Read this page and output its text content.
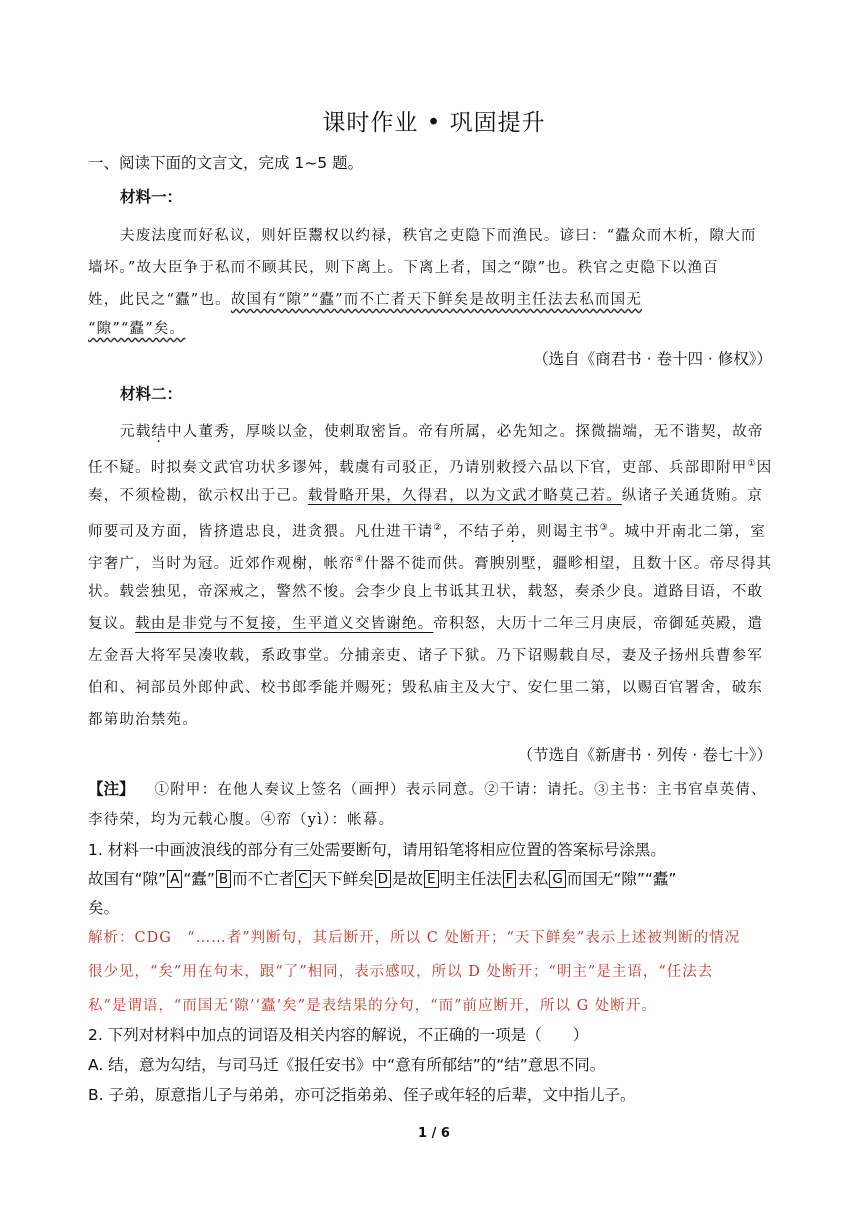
课时作业 • 巩固提升
一、阅读下面的文言文，完成 1~5 题。
材料一：
夫废法度而好私议，则奸臣鬻权以约禄，秩官之吏隐下而渔民。谚曰：“蠹众而木析，隙大而
墙坏。”故大臣争于私而不顾其民，则下离上。下离上者，国之“隙”也。秩官之吏隐下以渔百
姓，此民之“蠹”也。故国有“隙”“蠹”而不亡者天下鲜矣是故明主任法去私而国无
“隙”“蠹”矣。
（选自《商君书 · 卷十四 · 修权》）
材料二：
元载结中人董秀，厚啖以金，使刺取密旨。帝有所属，必先知之。探微揣端，无不谐契，故帝
任不疑。时拟奏文武官功状多谬舛，载虞有司驳正，乃请别敕授六品以下官，吏部、兵部即附甲①因
奏，不须检勘，欲示权出于己。载骨略开果，久得君，以为文武才略莫己若。纵诸子关通货贿。京
师要司及方面，皆挤遣忠良，进贪猥。凡仕进干请②，不结子弟，则谒主书③。城中开南北二第，室
宇奢广，当时为冠。近郊作观榭，帐帟④什器不徙而供。膏腴别墅，疆畛相望，且数十区。帝尽得其
状。载尝独见，帝深戒之，警然不悛。会李少良上书诋其丑状，载怒，奏杀少良。道路目语，不敢
复议。载由是非党与不复接，生平道义交皆谢绝。帝积怒，大历十二年三月庚辰，帝御延英殿，遣
左金吾大将军吴凑收载，系政事堂。分捕亲吏、诸子下狱。乃下诏赐载自尽，妻及子扬州兵曹参军
伯和、祠部员外郎仲武、校书郎季能并赐死；毁私庙主及大宁、安仁里二第，以赐百官署舍，破东
都第助治禁苑。
（节选自《新唐书 · 列传 · 卷七十》）
【注】 ①附甲：在他人奏议上签名（画押）表示同意。②干请：请托。③主书：主书官卓英倩、
李待荣，均为元载心腹。④帟（yì）：帐幕。
1. 材料一中画波浪线的部分有三处需要断句，请用铅笔将相应位置的答案标号涂黑。
故国有“隙” A “蠹” B 而不亡者 C 天下鲜矣 D 是故 E 明主任法 F 去私 G 而国无“隙”“蠹”
矣。
解析：CDG　“……者”判断句，其后断开，所以 C 处断开；“天下鲜矣”表示上述被判断的情况
很少见，“矣”用在句末，跟“了”相同，表示感叹，所以 D 处断开；“明主”是主语，“任法去
私”是谓语，“而国无‘隙’‘蠹’矣”是表结果的分句，“而”前应断开，所以 G 处断开。
2. 下列对材料中加点的词语及相关内容的解说，不正确的一项是（　　）
A. 结，意为勾结，与司马迁《报任安书》中“意有所郁结”的“结”意思不同。
B. 子弟，原意指儿子与弟弟，亦可泛指弟弟、侄子或年轻的后辈，文中指儿子。
1 / 6
